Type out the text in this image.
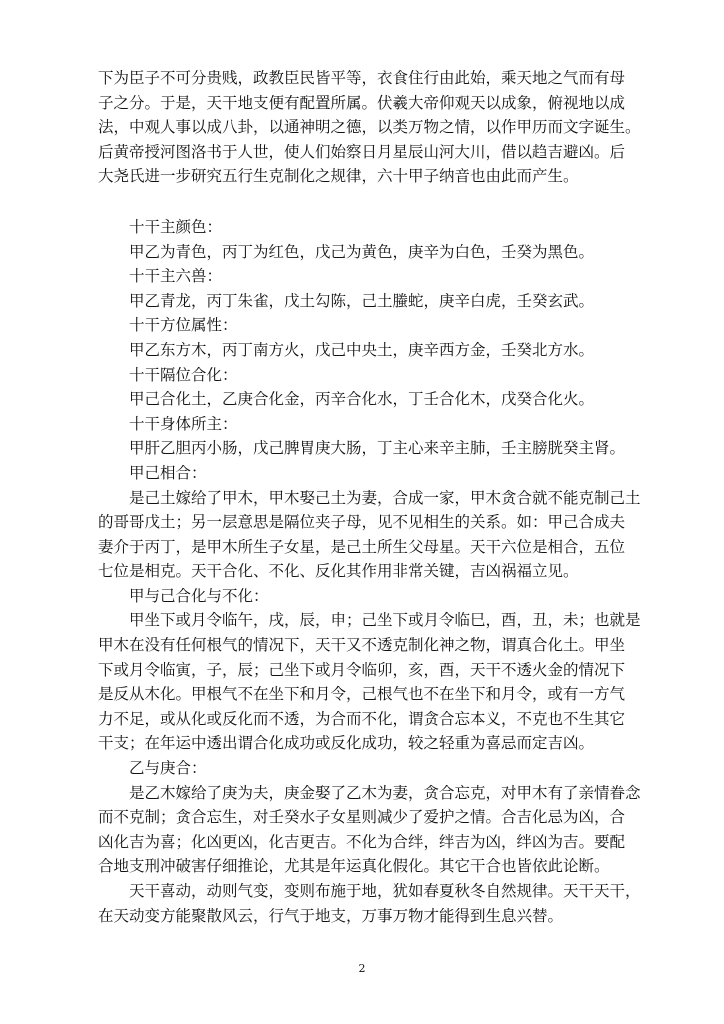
下为臣子不可分贵贱，政教臣民皆平等，衣食住行由此始，乘天地之气而有母

子之分。于是，天干地支便有配置所属。伏羲大帝仰观天以成象，俯视地以成

法，中观人事以成八卦，以通神明之德，以类万物之情，以作甲历而文字诞生。

后黄帝授河图洛书于人世，使人们始察日月星辰山河大川，借以趋吉避凶。后

大尧氏进一步研究五行生克制化之规律，六十甲子纳音也由此而产生。

十干主颜色：

甲乙为青色，丙丁为红色，戊己为黄色，庚辛为白色，壬癸为黑色。

十干主六兽：

甲乙青龙，丙丁朱雀，戊土勾陈，己土螣蛇，庚辛白虎，壬癸玄武。

十干方位属性：

甲乙东方木，丙丁南方火，戊己中央土，庚辛西方金，壬癸北方水。

十干隔位合化：

甲己合化土，乙庚合化金，丙辛合化水，丁壬合化木，戊癸合化火。

十干身体所主：

甲肝乙胆丙小肠，戊己脾胃庚大肠，丁主心来辛主肺，壬主膀胱癸主肾。

甲己相合：

是己土嫁给了甲木，甲木娶己土为妻，合成一家，甲木贪合就不能克制己土

的哥哥戊土；另一层意思是隔位夹子母，见不见相生的关系。如：甲己合成夫

妻介于丙丁，是甲木所生子女星，是己土所生父母星。天干六位是相合，五位

七位是相克。天干合化、不化、反化其作用非常关键，吉凶祸福立见。

甲与己合化与不化：

甲坐下或月令临午，戌，辰，申；己坐下或月令临巳，酉，丑，未；也就是

甲木在没有任何根气的情况下，天干又不透克制化神之物，谓真合化土。甲坐

下或月令临寅，子，辰；己坐下或月令临卯，亥，酉，天干不透火金的情况下

是反从木化。甲根气不在坐下和月令，己根气也不在坐下和月令，或有一方气

力不足，或从化或反化而不透，为合而不化，谓贪合忘本义，不克也不生其它

干支；在年运中透出谓合化成功或反化成功，较之轻重为喜忌而定吉凶。

乙与庚合：

是乙木嫁给了庚为夫，庚金娶了乙木为妻，贪合忘克，对甲木有了亲情眷念

而不克制；贪合忘生，对壬癸水子女星则减少了爱护之情。合吉化忌为凶，合

凶化吉为喜；化凶更凶，化吉更吉。不化为合绊，绊吉为凶，绊凶为吉。要配

合地支刑冲破害仔细推论，尤其是年运真化假化。其它干合也皆依此论断。

天干喜动，动则气变，变则布施于地，犹如春夏秋冬自然规律。天干天干，

在天动变方能聚散风云，行气于地支，万事万物才能得到生息兴替。

2
